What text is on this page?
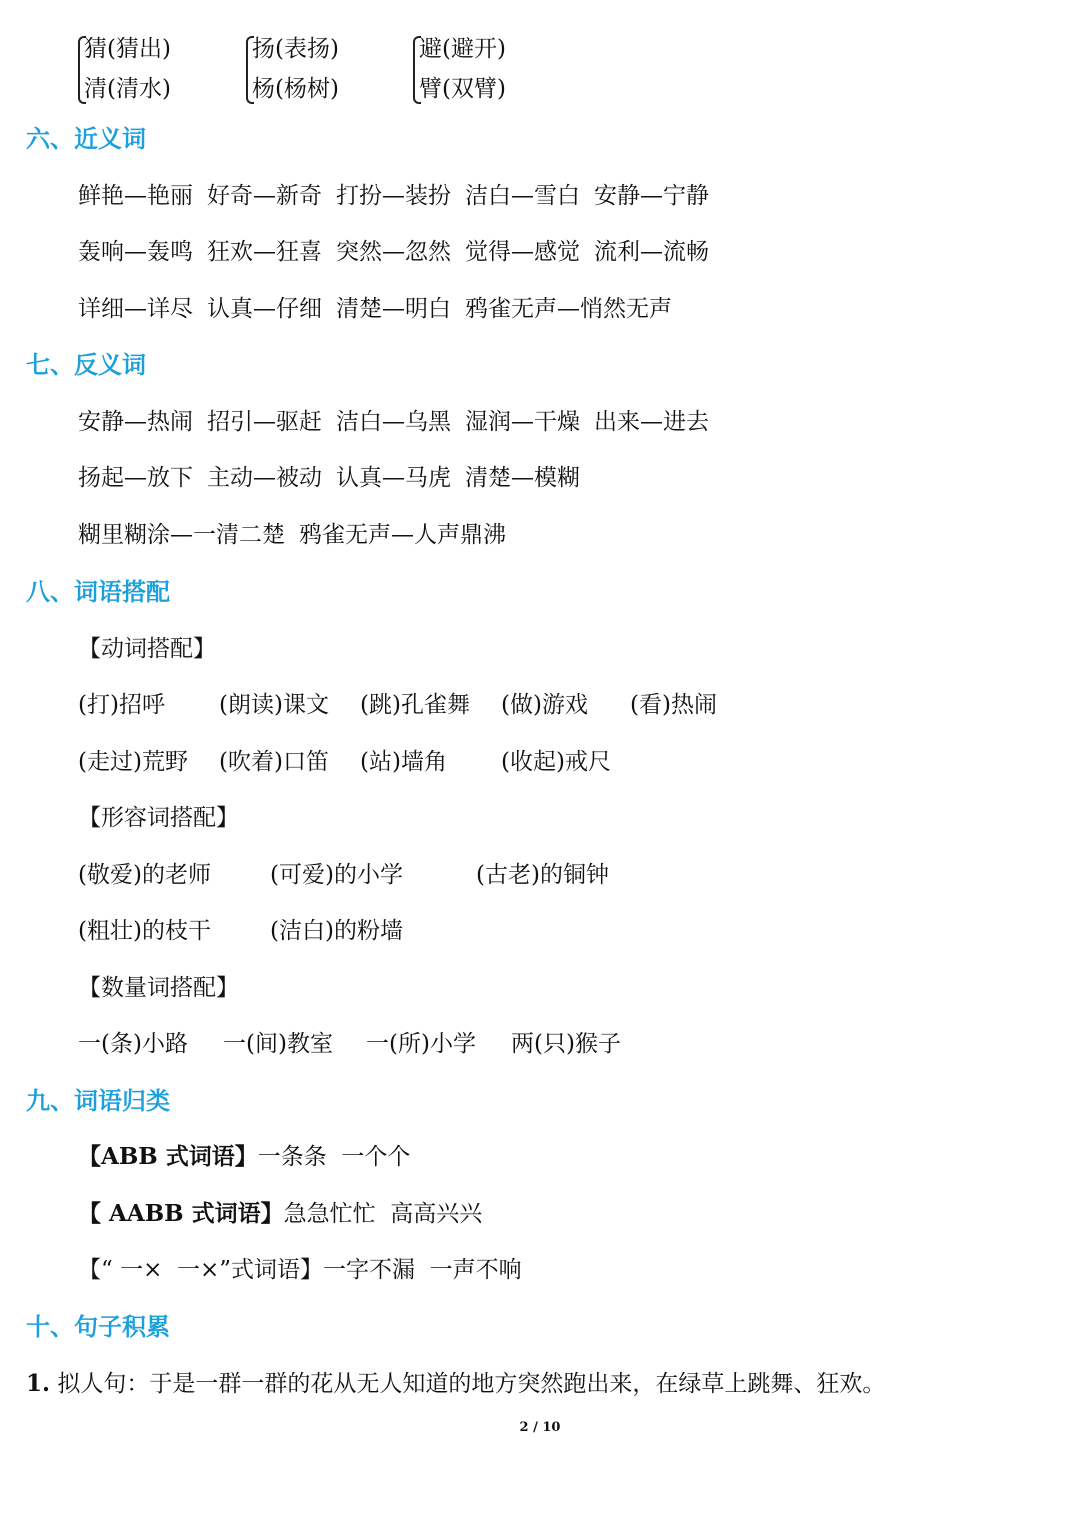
猜(猜出)
清(清水)
扬(表扬)
杨(杨树)
避(避开)
臂(双臂)
六、近义词
鲜艳—艳丽 好奇—新奇 打扮—装扮 洁白—雪白 安静—宁静
轰响—轰鸣 狂欢—狂喜 突然—忽然 觉得—感觉 流利—流畅
详细—详尽 认真—仔细 清楚—明白 鸦雀无声—悄然无声
七、反义词
安静—热闹 招引—驱赶 洁白—乌黑 湿润—干燥 出来—进去
扬起—放下 主动—被动 认真—马虎 清楚—模糊
糊里糊涂—一清二楚 鸦雀无声—人声鼎沸
八、词语搭配
【动词搭配】
(打)招呼 (朗读)课文 (跳)孔雀舞 (做)游戏 (看)热闹
(走过)荒野 (吹着)口笛 (站)墙角 (收起)戒尺
【形容词搭配】
(敬爱)的老师	(可爱)的小学	(古老)的铜钟
(粗壮)的枝干	(洁白)的粉墙
【数量词搭配】
一(条)小路 一(间)教室 一(所)小学 两(只)猴子
九、词语归类
【ABB 式词语】一条条  一个个
【 AABB 式词语】急急忙忙  高高兴兴
【“ 一×  一×”式词语】一字不漏  一声不响
十、句子积累
1. 拟人句：于是一群一群的花从无人知道的地方突然跑出来，在绿草上跳舞、狂欢。
2 / 10
